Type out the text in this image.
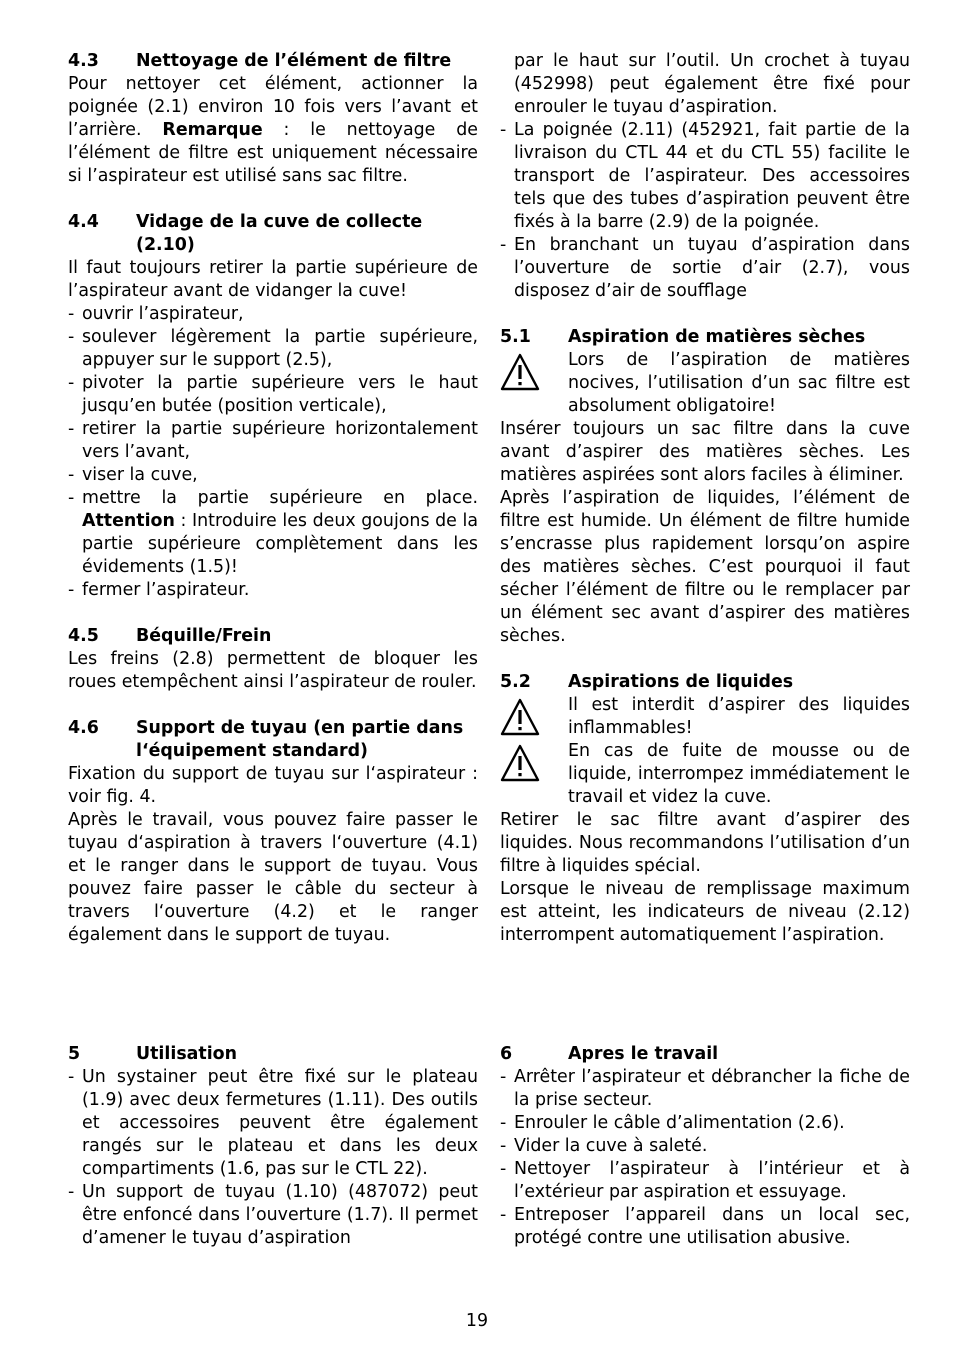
4.3	Nettoyage de l’élément de filtre

Pour nettoyer cet élément, actionner la poignée (2.1) environ 10 fois vers l’avant et l’arrière. Remarque : le nettoyage de l’élément de filtre est uniquement nécessaire si l’aspirateur est utilisé sans sac filtre.

4.4	Vidage de la cuve de collecte (2.10)

Il faut toujours retirer la partie supérieure de l’aspirateur avant de vidanger la cuve!

- ouvrir l’aspirateur,
- soulever légèrement la partie supérieure, appuyer sur le support (2.5),
- pivoter la partie supérieure vers le haut jusqu’en butée (position verticale),
- retirer la partie supérieure horizontalement vers l’avant,
- viser la cuve,
- mettre la partie supérieure en place. Attention : Introduire les deux goujons de la partie supérieure complètement dans les évidements (1.5)!
- fermer l’aspirateur.
4.5	Béquille/Frein

Les freins (2.8) permettent de bloquer les roues etempêchent ainsi l’aspirateur de rouler.

4.6	Support de tuyau (en partie dans l‘équipement standard)

Fixation du support de tuyau sur l‘aspirateur : voir fig. 4.

Après le travail, vous pouvez faire passer le tuyau d‘aspiration à travers l‘ouverture (4.1) et le ranger dans le support de tuyau. Vous pouvez faire passer le câble du secteur à travers l‘ouverture (4.2) et le ranger également dans le support de tuyau.

par le haut sur l’outil. Un crochet à tuyau (452998) peut également être fixé pour enrouler le tuyau d’aspiration.

- La poignée (2.11) (452921, fait partie de la livraison du CTL 44 et du CTL 55) facilite le transport de l’aspirateur. Des accessoires tels que des tubes d’aspiration peuvent être fixés à la barre (2.9) de la poignée.
- En branchant un tuyau d’aspiration dans l’ouverture de sortie d’air (2.7), vous disposez d’air de soufflage
5.1	Aspiration de matières sèches

Lors de l’aspiration de matières nocives, l’utilisation d’un sac filtre est absolument obligatoire!

Insérer toujours un sac filtre dans la cuve avant d’aspirer des matières sèches. Les matières aspirées sont alors faciles à éliminer.

Après l’aspiration de liquides, l’élément de filtre est humide. Un élément de filtre humide s’encrasse plus rapidement lorsqu’on aspire des matières sèches. C’est pourquoi il faut sécher l’élément de filtre ou le remplacer par un élément sec avant d’aspirer des matières sèches.

5.2	Aspirations de liquides

Il est interdit d’aspirer des liquides inflammables!

En cas de fuite de mousse ou de liquide, interrompez immédiatement le travail et videz la cuve.

Retirer le sac filtre avant d’aspirer des liquides. Nous recommandons l’utilisation d’un filtre à liquides spécial.

Lorsque le niveau de remplissage maximum est atteint, les indicateurs de niveau (2.12) interrompent automatiquement l’aspiration.

5	Utilisation
- Un systainer peut être fixé sur le plateau (1.9) avec deux fermetures (1.11). Des outils et accessoires peuvent être également rangés sur le plateau et dans les deux compartiments (1.6, pas sur le CTL 22).
- Un support de tuyau (1.10) (487072) peut être enfoncé dans l’ouverture (1.7). Il permet d’amener le tuyau d’aspiration
6	Apres le travail
- Arrêter l’aspirateur et débrancher la fiche de la prise secteur.
- Enrouler le câble d’alimentation (2.6).
- Vider la cuve à saleté.
- Nettoyer l’aspirateur à l’intérieur et à l’extérieur par aspiration et essuyage.
- Entreposer l’appareil dans un local sec, protégé contre une utilisation abusive.
19
